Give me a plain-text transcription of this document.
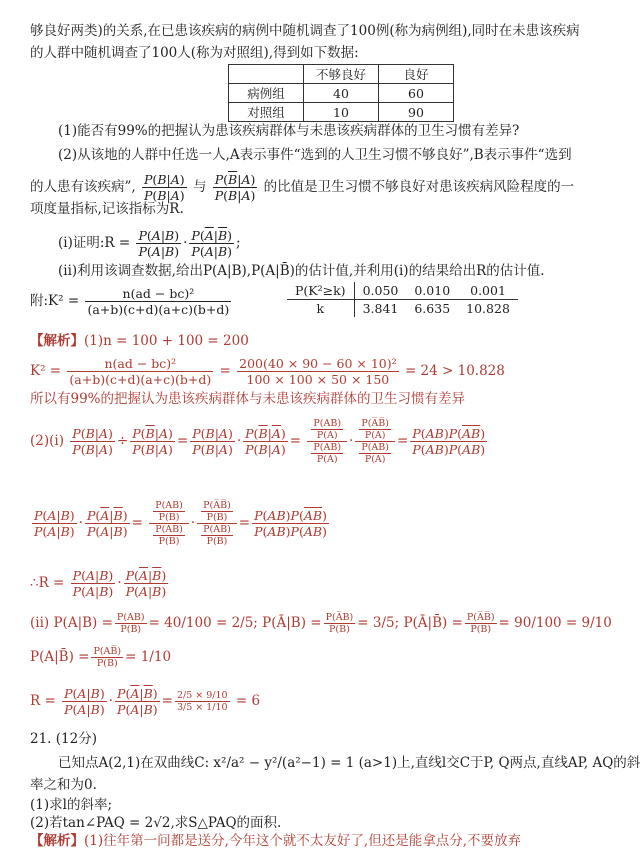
够良好两类)的关系,在已患该疾病的病例中随机调查了100例(称为病例组),同时在未患该疾病
的人群中随机调查了100人(称为对照组),得到如下数据:
	不够良好	良好
病例组	40	60
对照组	10	90
(1)能否有99%的把握认为患该疾病群体与未患该疾病群体的卫生习惯有差异?
(2)从该地的人群中任选一人,A表示事件“选到的人卫生习惯不够良好”,B表示事件“选到
的人患有该疾病”, $\frac{P(B|A)}{P(B|\overline{A})}$ 与 $\frac{P(\overline{B}|A)}{P(\overline{B}|\overline{A})}$ 的比值是卫生习惯不够良好对患该疾病风险程度的一
项度量指标,记该指标为R.
(i)证明:R = $\frac{P(A|B)}{P(\overline{A}|B)} \cdot \frac{P(\overline{A}|\overline{B})}{P(A|\overline{B})}$ ;
(ii)利用该调查数据,给出P(A|B),P(A|B̄)的估计值,并利用(i)的结果给出R的估计值.
附:K² = $\frac{\text{n(ad − bc)²}}{(a+b)(c+d)(a+c)(b+d)}$	P(K²≥k)	0.050	0.010	0.001
k	3.841	6.635	10.828
【解析】(1)n = 100 + 100 = 200
$K^2 = \frac{\text{n(ad − bc)²}}{(a+b)(c+d)(a+c)(b+d)} = \frac{\text{200(40 × 90 − 60 × 10)²}}{100 \times 100 \times 50 \times 150} = 24 > 10.828$
所以有99%的把握认为患该疾病群体与未患该疾病群体的卫生习惯有差异
$(2)(i) \frac{P(B|A)}{P(B|\overline{A})} \div \frac{P(\overline{B}|A)}{P(\overline{B}|\overline{A})} = \frac{P(B|A)}{P(B|\overline{A})} \cdot \frac{P(\overline{B}|\overline{A})}{P(\overline{B}|A)} = \frac{\frac{P(AB)}{P(A)}}{\frac{P(A̅B)}{P(A̅)}} \cdot \frac{\frac{P(A̅B̅)}{P(A̅)}}{\frac{P(AB̅)}{P(A)}} = \frac{P(AB)P(\overline{AB})}{P(\overline{A}B)P(A\overline{B})}$
$\frac{P(A|B)}{P(\overline{A}|B)} \cdot \frac{P(\overline{A}|\overline{B})}{P(A|\overline{B})} = \frac{\frac{P(AB)}{P(B)}}{\frac{P(A̅B)}{P(B)}} \cdot \frac{\frac{P(A̅B̅)}{P(B̅)}}{\frac{P(AB̅)}{P(B̅)}} = \frac{P(AB)P(\overline{AB})}{P(\overline{A}B)P(A\overline{B})}$
∴R = $\frac{P(A|B)}{P(\overline{A}|B)} \cdot \frac{P(\overline{A}|\overline{B})}{P(A|\overline{B})}$
(ii) $P(A|B) = \frac{P(AB)}{P(B)} = 40/100 = 2/5$; P(Ā|B) = $\frac{P(A̅B)}{P(B)} = 3/5$; P(Ā|B̄) = $\frac{P(A̅B̅)}{P(B̅)} = 90/100 = 9/10$
P(A|B̄) = $\frac{P(AB̅)}{P(B̅)} = 1/10$
$R = \frac{P(A|B)}{P(\overline{A}|B)} \cdot \frac{P(\overline{A}|\overline{B})}{P(A|\overline{B})} = \frac{2/5 \times 9/10}{3/5 \times 1/10} = 6$
21. (12分)
已知点A(2,1)在双曲线C: x²/a² − y²/(a²−1) = 1 (a>1)上,直线l交C于P, Q两点,直线AP, AQ的斜
率之和为0.
(1)求l的斜率;
(2)若tan∠PAQ = 2√2,求S△PAQ的面积.
【解析】(1)往年第一问都是送分,今年这个就不太友好了,但还是能拿点分,不要放弃
